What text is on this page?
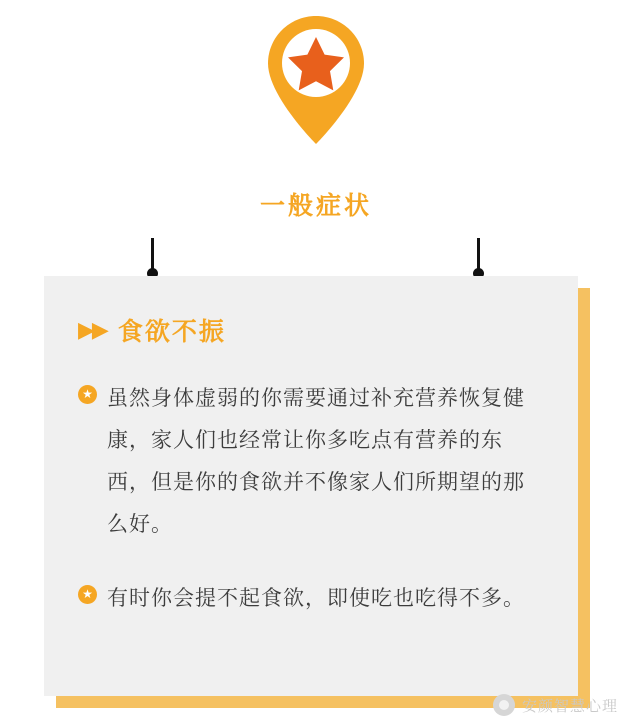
一般症状
▶▶ 食欲不振
★ 虽然身体虚弱的你需要通过补充营养恢复健康，家人们也经常让你多吃点有营养的东西，但是你的食欲并不像家人们所期望的那么好。
★ 有时你会提不起食欲，即使吃也吃得不多。
安颜智慧心理
